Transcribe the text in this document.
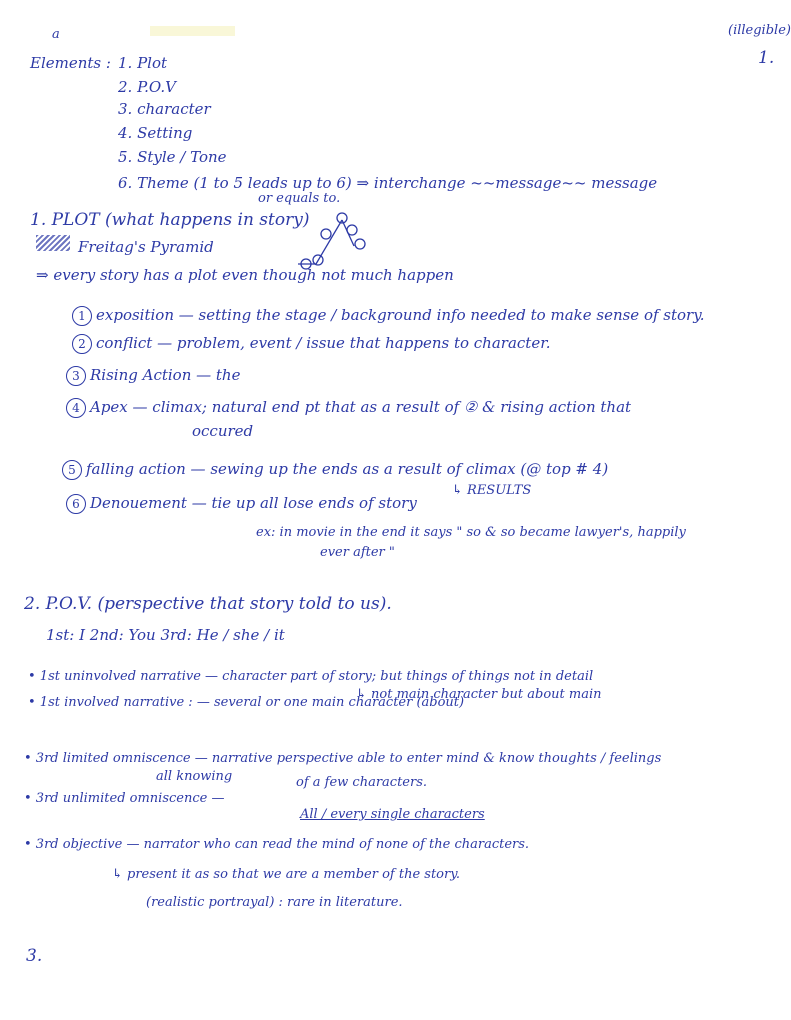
a	(illegible)
1.
Elements : 1. Plot
2. P.O.V
3. character
4. Setting
5. Style / Tone
6. Theme (1 to 5 leads up to 6) ⇒ interchange ~~message~~ message
or equals to.
1. PLOT (what happens in story)
Freitag's Pyramid
⇒ every story has a plot even though not much happen
1 exposition — setting the stage / background info needed to make sense of story.
2 conflict — problem, event / issue that happens to character.
3 Rising Action — the
4 Apex — climax; natural end pt that as a result of ② & rising action that
occured
5 falling action — sewing up the ends as a result of climax (@ top # 4)
↳ RESULTS
6 Denouement — tie up all lose ends of story
ex: in movie in the end it says " so & so became lawyer's, happily
ever after "
2. P.O.V. (perspective that story told to us).
1st: I 2nd: You 3rd: He / she / it
• 1st uninvolved narrative — character part of story; but things of things not in detail
↳ not main character but about main
• 1st involved narrative : — several or one main character (about)
• 3rd limited omniscence — narrative perspective able to enter mind & know thoughts / feelings
all knowing	of a few characters.
• 3rd unlimited omniscence —
All / every single characters
• 3rd objective — narrator who can read the mind of none of the characters.
↳ present it as so that we are a member of the story.
(realistic portrayal) : rare in literature.
3.
